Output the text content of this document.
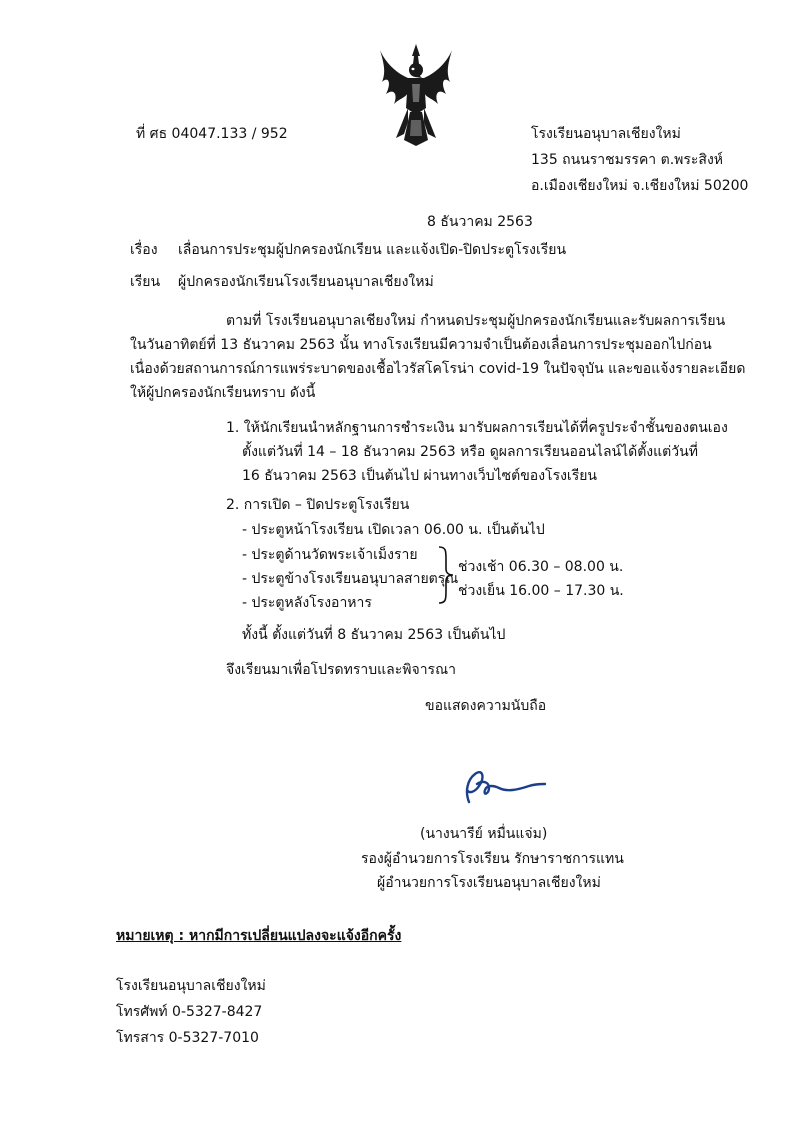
ที่ ศธ 04047.133 / 952	โรงเรียนอนุบาลเชียงใหม่
135 ถนนราชมรรคา ต.พระสิงห์
อ.เมืองเชียงใหม่ จ.เชียงใหม่ 50200
8 ธันวาคม 2563
เรื่อง เลื่อนการประชุมผู้ปกครองนักเรียน และแจ้งเปิด-ปิดประตูโรงเรียน
เรียน ผู้ปกครองนักเรียนโรงเรียนอนุบาลเชียงใหม่
ตามที่ โรงเรียนอนุบาลเชียงใหม่ กำหนดประชุมผู้ปกครองนักเรียนและรับผลการเรียน
ในวันอาทิตย์ที่ 13 ธันวาคม 2563 นั้น ทางโรงเรียนมีความจำเป็นต้องเลื่อนการประชุมออกไปก่อน
เนื่องด้วยสถานการณ์การแพร่ระบาดของเชื้อไวรัสโคโรน่า covid-19 ในปัจจุบัน และขอแจ้งรายละเอียด
ให้ผู้ปกครองนักเรียนทราบ ดังนี้
1. ให้นักเรียนนำหลักฐานการชำระเงิน มารับผลการเรียนได้ที่ครูประจำชั้นของตนเอง
ตั้งแต่วันที่ 14 – 18 ธันวาคม 2563 หรือ ดูผลการเรียนออนไลน์ได้ตั้งแต่วันที่
16 ธันวาคม 2563 เป็นต้นไป ผ่านทางเว็บไซต์ของโรงเรียน
2. การเปิด – ปิดประตูโรงเรียน
- ประตูหน้าโรงเรียน เปิดเวลา 06.00 น. เป็นต้นไป
- ประตูด้านวัดพระเจ้าเม็งราย
- ประตูข้างโรงเรียนอนุบาลสายตรุณ
- ประตูหลังโรงอาหาร
ช่วงเช้า 06.30 – 08.00 น.
ช่วงเย็น 16.00 – 17.30 น.
ทั้งนี้ ตั้งแต่วันที่ 8 ธันวาคม 2563 เป็นต้นไป
จึงเรียนมาเพื่อโปรดทราบและพิจารณา
ขอแสดงความนับถือ
(นางนารีย์ หมื่นแจ่ม)
รองผู้อำนวยการโรงเรียน รักษาราชการแทน
ผู้อำนวยการโรงเรียนอนุบาลเชียงใหม่
หมายเหตุ : หากมีการเปลี่ยนแปลงจะแจ้งอีกครั้ง
โรงเรียนอนุบาลเชียงใหม่
โทรศัพท์ 0-5327-8427
โทรสาร 0-5327-7010
